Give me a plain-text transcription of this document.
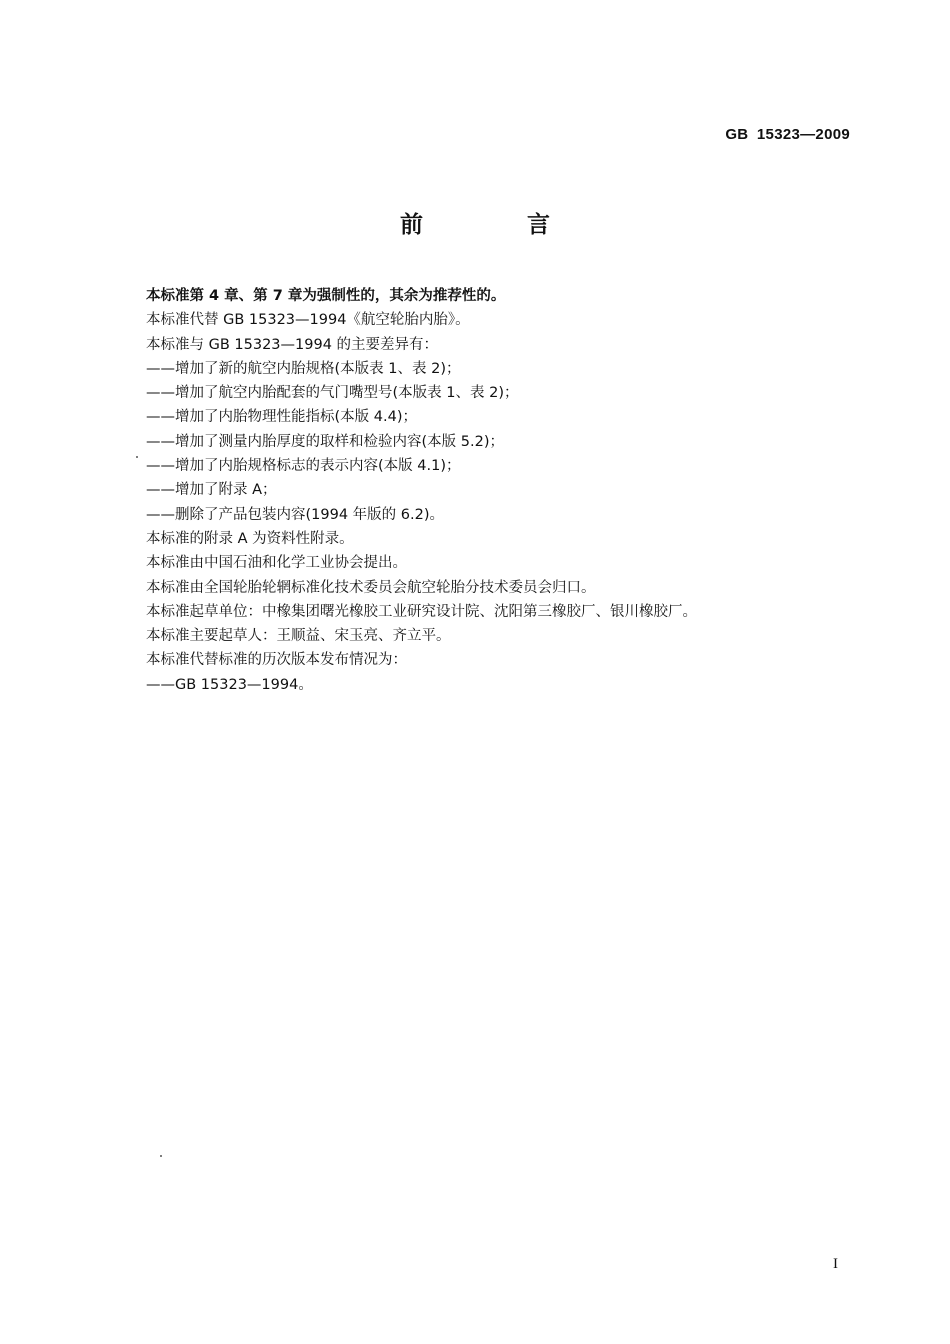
GB 15323—2009
前 言
本标准第 4 章、第 7 章为强制性的，其余为推荐性的。
本标准代替 GB 15323—1994《航空轮胎内胎》。
本标准与 GB 15323—1994 的主要差异有：
——增加了新的航空内胎规格(本版表 1、表 2)；
——增加了航空内胎配套的气门嘴型号(本版表 1、表 2)；
——增加了内胎物理性能指标(本版 4.4)；
——增加了测量内胎厚度的取样和检验内容(本版 5.2)；
——增加了内胎规格标志的表示内容(本版 4.1)；
——增加了附录 A；
——删除了产品包装内容(1994 年版的 6.2)。
本标准的附录 A 为资料性附录。
本标准由中国石油和化学工业协会提出。
本标准由全国轮胎轮辋标准化技术委员会航空轮胎分技术委员会归口。
本标准起草单位：中橡集团曙光橡胶工业研究设计院、沈阳第三橡胶厂、银川橡胶厂。
本标准主要起草人：王顺益、宋玉亮、齐立平。
本标准代替标准的历次版本发布情况为：
——GB 15323—1994。
I
